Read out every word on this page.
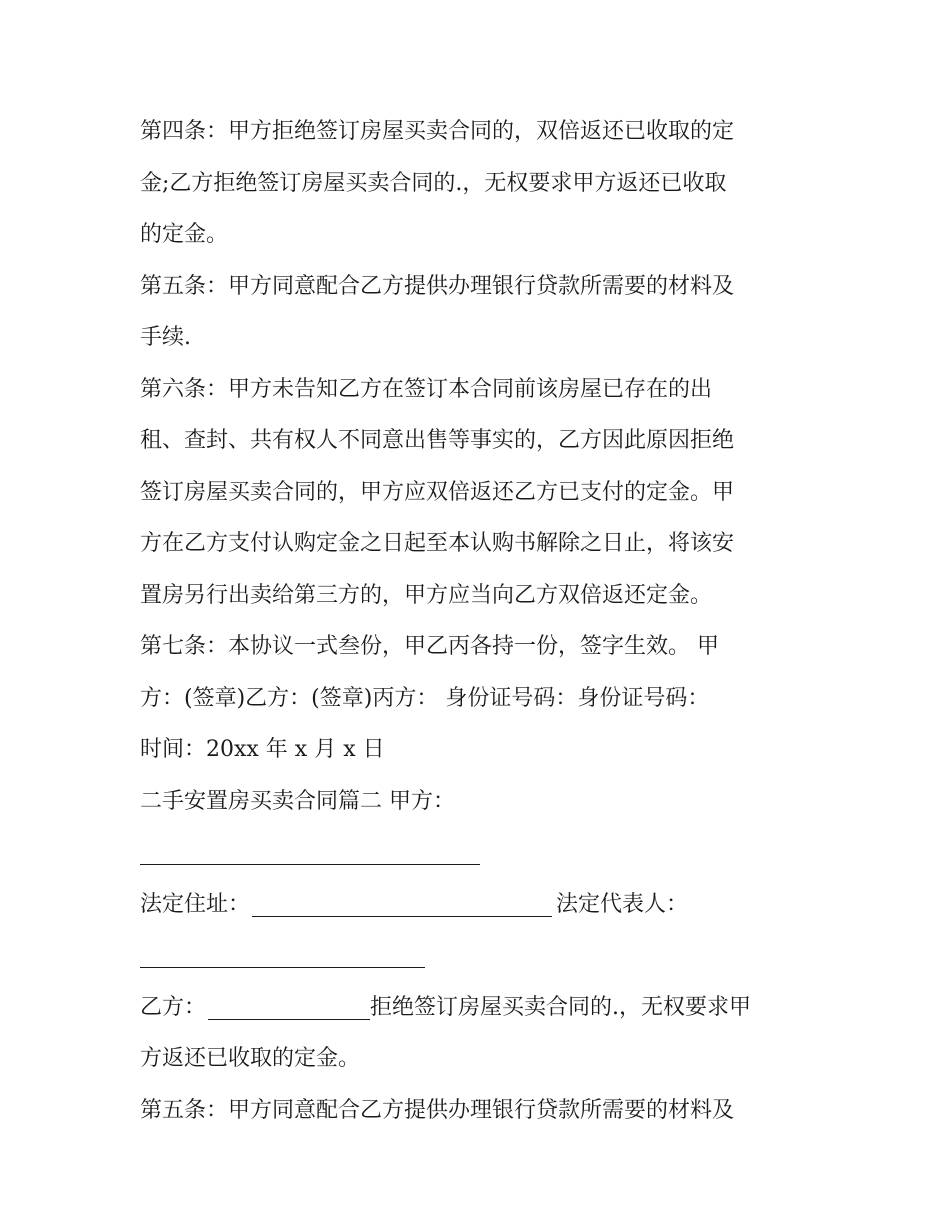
第四条：甲方拒绝签订房屋买卖合同的，双倍返还已收取的定
金;乙方拒绝签订房屋买卖合同的.，无权要求甲方返还已收取
的定金。
第五条：甲方同意配合乙方提供办理银行贷款所需要的材料及
手续.
第六条：甲方未告知乙方在签订本合同前该房屋已存在的出
租、查封、共有权人不同意出售等事实的，乙方因此原因拒绝
签订房屋买卖合同的，甲方应双倍返还乙方已支付的定金。甲
方在乙方支付认购定金之日起至本认购书解除之日止，将该安
置房另行出卖给第三方的，甲方应当向乙方双倍返还定金。
第七条：本协议一式叁份，甲乙丙各持一份，签字生效。 甲
方：(签章)乙方：(签章)丙方： 身份证号码：身份证号码：
时间：20xx 年 x 月 x 日
二手安置房买卖合同篇二 甲方：
法定住址：	法定代表人：
乙方：	拒绝签订房屋买卖合同的.，无权要求甲
方返还已收取的定金。
第五条：甲方同意配合乙方提供办理银行贷款所需要的材料及
